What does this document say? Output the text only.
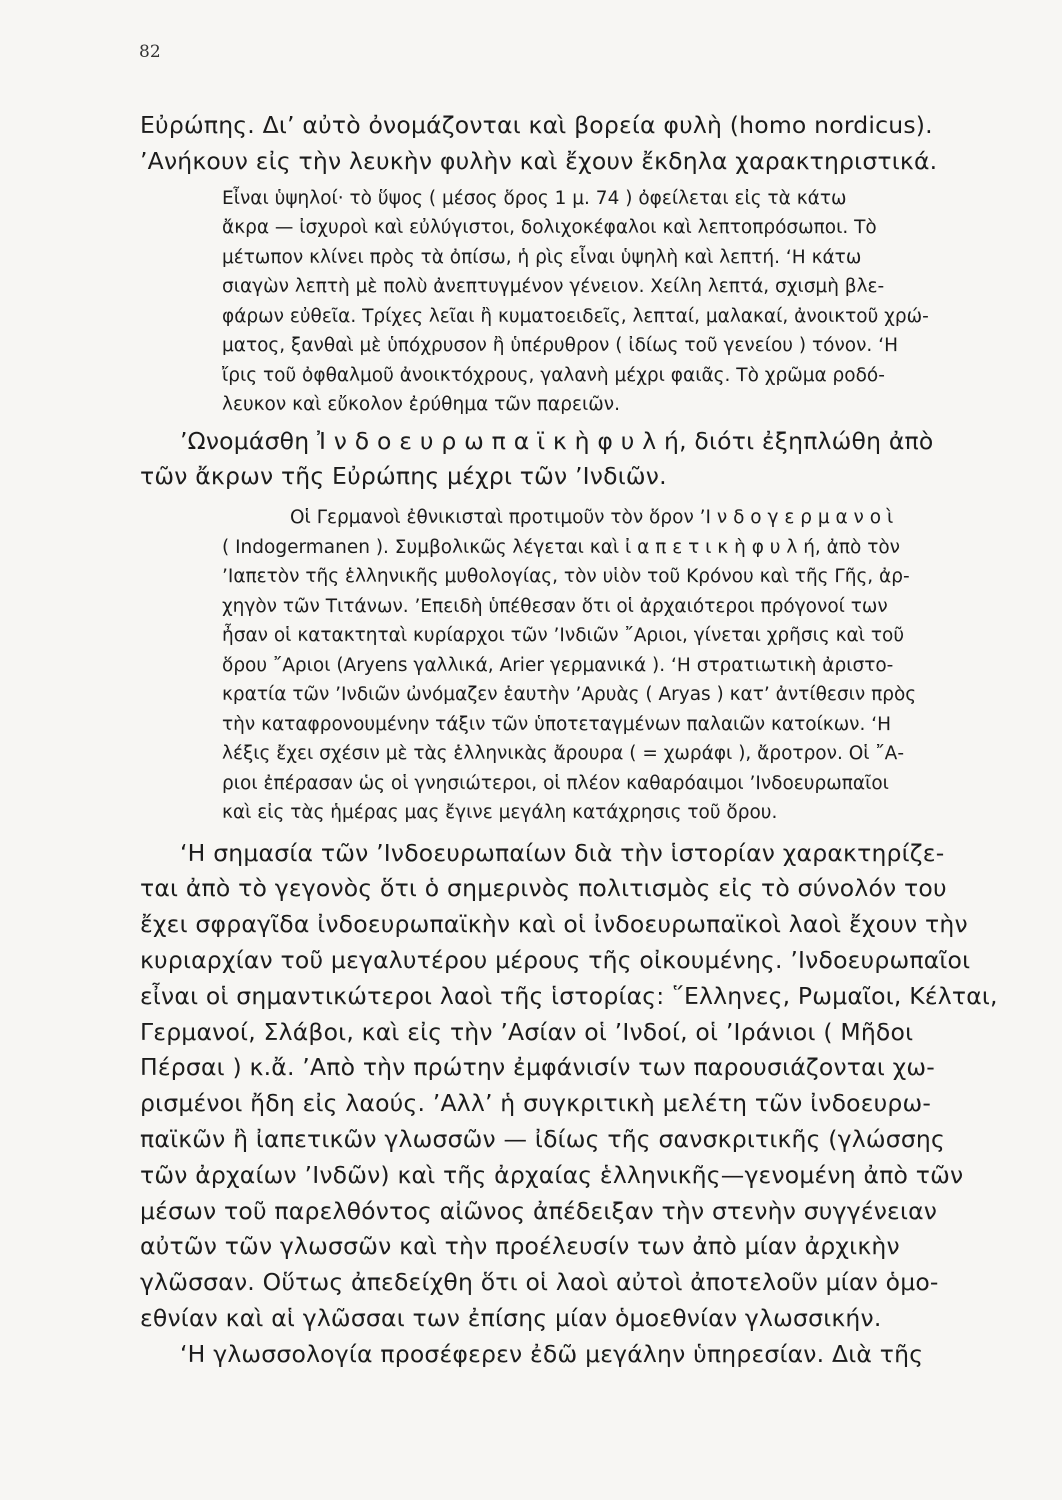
82
Εὐρώπης. Δι’ αὐτὸ ὀνομάζονται καὶ βορεία φυλὴ (homo nordicus).
’Ανήκουν εἰς τὴν λευκὴν φυλὴν καὶ ἔχουν ἔκδηλα χαρακτηριστικά.
Εἶναι ὑψηλοί· τὸ ὕψος ( μέσος ὅρος 1 μ. 74 ) ὀφείλεται εἰς τὰ κάτω
ἄκρα — ἰσχυροὶ καὶ εὐλύγιστοι, δολιχοκέφαλοι καὶ λεπτοπρόσωποι. Τὸ
μέτωπον κλίνει πρὸς τὰ ὀπίσω, ἡ ρὶς εἶναι ὑψηλὴ καὶ λεπτή. ‘Η κάτω
σιαγὼν λεπτὴ μὲ πολὺ ἀνεπτυγμένον γένειον. Χείλη λεπτά, σχισμὴ βλε-
φάρων εὐθεῖα. Τρίχες λεῖαι ἢ κυματοειδεῖς, λεπταί, μαλακαί, ἀνοικτοῦ χρώ-
ματος, ξανθαὶ μὲ ὑπόχρυσον ἢ ὑπέρυθρον ( ἰδίως τοῦ γενείου ) τόνον. ‘Η
ἴρις τοῦ ὀφθαλμοῦ ἀνοικτόχρους, γαλανὴ μέχρι φαιᾶς. Τὸ χρῶμα ροδό-
λευκον καὶ εὔκολον ἐρύθημα τῶν παρειῶν.
’Ωνομάσθη Ἰ ν δ ο ε υ ρ ω π α ϊ κ ὴ φ υ λ ή, διότι ἐξηπλώθη ἀπὸ
τῶν ἄκρων τῆς Εὐρώπης μέχρι τῶν ’Ινδιῶν.
Οἱ Γερμανοὶ ἐθνικισταὶ προτιμοῦν τὸν ὅρον ’Ι ν δ ο γ ε ρ μ α ν ο ὶ
( Indogermanen ). Συμβολικῶς λέγεται καὶ ἰ α π ε τ ι κ ὴ φ υ λ ή, ἀπὸ τὸν
’Ιαπετὸν τῆς ἑλληνικῆς μυθολογίας, τὸν υἱὸν τοῦ Κρόνου καὶ τῆς Γῆς, ἀρ-
χηγὸν τῶν Τιτάνων. ’Επειδὴ ὑπέθεσαν ὅτι οἱ ἀρχαιότεροι πρόγονοί των
ἦσαν οἱ κατακτηταὶ κυρίαρχοι τῶν ’Ινδιῶν ῎Αριοι, γίνεται χρῆσις καὶ τοῦ
ὅρου ῎Αριοι (Aryens γαλλικά, Arier γερμανικά ). ‘Η στρατιωτικὴ ἀριστο-
κρατία τῶν ’Ινδιῶν ὠνόμαζεν ἑαυτὴν ’Αρυὰς ( Aryas ) κατ’ ἀντίθεσιν πρὸς
τὴν καταφρονουμένην τάξιν τῶν ὑποτεταγμένων παλαιῶν κατοίκων. ‘Η
λέξις ἔχει σχέσιν μὲ τὰς ἑλληνικὰς ἄρουρα ( = χωράφι ), ἄροτρον. Οἱ ῎Α-
ριοι ἐπέρασαν ὡς οἱ γνησιώτεροι, οἱ πλέον καθαρόαιμοι ’Ινδοευρωπαῖοι
καὶ εἰς τὰς ἡμέρας μας ἔγινε μεγάλη κατάχρησις τοῦ ὅρου.
‘Η σημασία τῶν ’Ινδοευρωπαίων διὰ τὴν ἱστορίαν χαρακτηρίζε-
ται ἀπὸ τὸ γεγονὸς ὅτι ὁ σημερινὸς πολιτισμὸς εἰς τὸ σύνολόν του
ἔχει σφραγῖδα ἰνδοευρωπαϊκὴν καὶ οἱ ἰνδοευρωπαϊκοὶ λαοὶ ἔχουν τὴν
κυριαρχίαν τοῦ μεγαλυτέρου μέρους τῆς οἰκουμένης. ’Ινδοευρωπαῖοι
εἶναι οἱ σημαντικώτεροι λαοὶ τῆς ἱστορίας: ῞Ελληνες, Ρωμαῖοι, Κέλται,
Γερμανοί, Σλάβοι, καὶ εἰς τὴν ’Ασίαν οἱ ’Ινδοί, οἱ ’Ιράνιοι ( Μῆδοι
Πέρσαι ) κ.ἄ. ’Απὸ τὴν πρώτην ἐμφάνισίν των παρουσιάζονται χω-
ρισμένοι ἤδη εἰς λαούς. ’Αλλ’ ἡ συγκριτικὴ μελέτη τῶν ἰνδοευρω-
παϊκῶν ἢ ἰαπετικῶν γλωσσῶν — ἰδίως τῆς σανσκριτικῆς (γλώσσης
τῶν ἀρχαίων ’Ινδῶν) καὶ τῆς ἀρχαίας ἑλληνικῆς—γενομένη ἀπὸ τῶν
μέσων τοῦ παρελθόντος αἰῶνος ἀπέδειξαν τὴν στενὴν συγγένειαν
αὐτῶν τῶν γλωσσῶν καὶ τὴν προέλευσίν των ἀπὸ μίαν ἀρχικὴν
γλῶσσαν. Οὕτως ἀπεδείχθη ὅτι οἱ λαοὶ αὐτοὶ ἀποτελοῦν μίαν ὁμο-
εθνίαν καὶ αἱ γλῶσσαι των ἐπίσης μίαν ὁμοεθνίαν γλωσσικήν.
‘Η γλωσσολογία προσέφερεν ἐδῶ μεγάλην ὑπηρεσίαν. Διὰ τῆς
